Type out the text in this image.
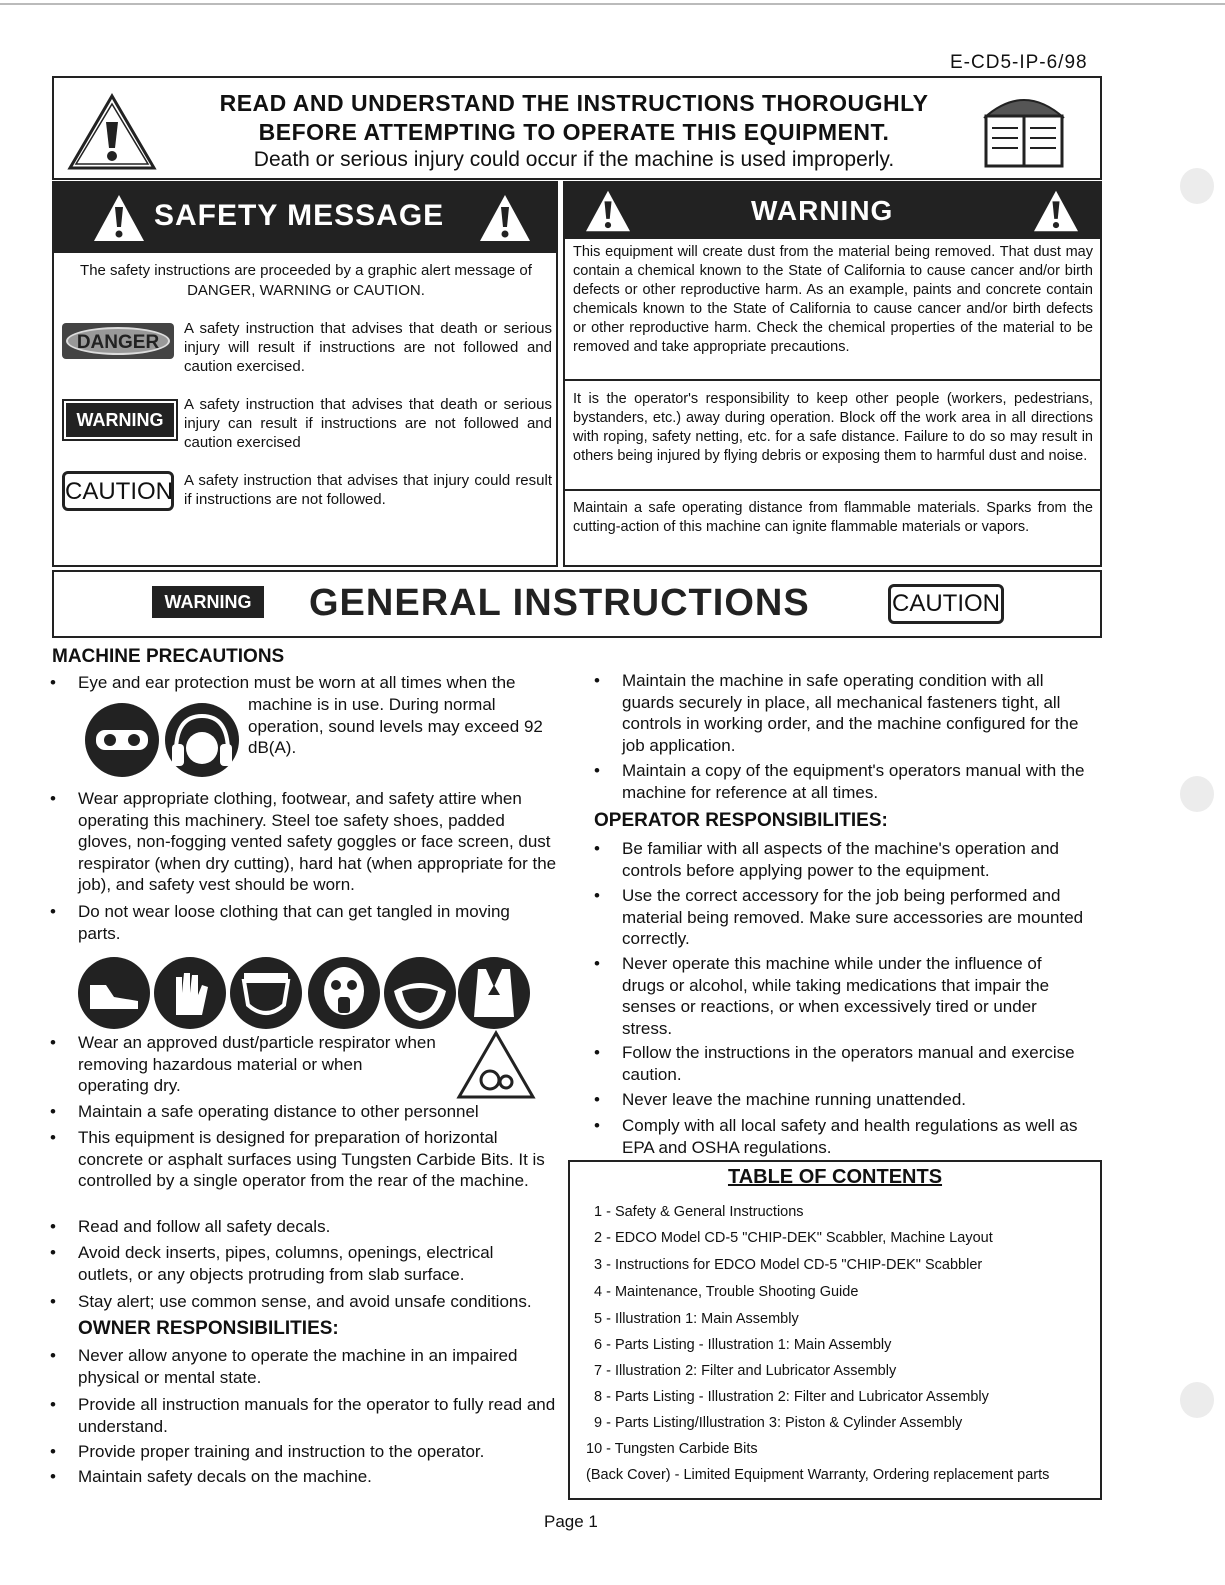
E-CD5-IP-6/98
READ AND UNDERSTAND THE INSTRUCTIONS THOROUGHLY
BEFORE ATTEMPTING TO OPERATE THIS EQUIPMENT.
Death or serious injury could occur if the machine is used improperly.
SAFETY MESSAGE
The safety instructions are proceeded by a graphic alert message of DANGER, WARNING or CAUTION.
DANGER
A safety instruction that advises that death or serious injury will result if instructions are not followed and caution exercised.
WARNING
A safety instruction that advises that death or serious injury can result if instructions are not followed and caution exercised
CAUTION A safety instruction that advises that injury could result if instructions are not followed.
WARNING
This equipment will create dust from the material being removed. That dust may contain a chemical known to the State of California to cause cancer and/or birth defects or other reproductive harm. As an example, paints and concrete contain chemicals known to the State of California to cause cancer and/or birth defects or other reproductive harm. Check the chemical properties of the material to be removed and take appropriate precautions.
It is the operator's responsibility to keep other people (workers, pedestrians, bystanders, etc.) away during operation. Block off the work area in all directions with roping, safety netting, etc. for a safe distance. Failure to do so may result in others being injured by flying debris or exposing them to harmful dust and noise.
Maintain a safe operating distance from flammable materials. Sparks from the cutting-action of this machine can ignite flammable materials or vapors.
WARNING	GENERAL INSTRUCTIONS	CAUTION
MACHINE PRECAUTIONS
• Eye and ear protection must be worn at all times when the
machine is in use. During normal
operation, sound levels may exceed 92
dB(A).
• Wear appropriate clothing, footwear, and safety attire when operating this machinery. Steel toe safety shoes, padded gloves, non-fogging vented safety goggles or face screen, dust respirator (when dry cutting), hard hat (when appropriate for the job), and safety vest should be worn.
• Do not wear loose clothing that can get tangled in moving parts.
• Wear an approved dust/particle respirator when removing hazardous material or when operating dry.
• Maintain a safe operating distance to other personnel
• This equipment is designed for preparation of horizontal concrete or asphalt surfaces using Tungsten Carbide Bits. It is controlled by a single operator from the rear of the machine.
• Read and follow all safety decals.
• Avoid deck inserts, pipes, columns, openings, electrical outlets, or any objects protruding from slab surface.
• Stay alert; use common sense, and avoid unsafe conditions.
OWNER RESPONSIBILITIES:
• Never allow anyone to operate the machine in an impaired physical or mental state.
• Provide all instruction manuals for the operator to fully read and understand.
• Provide proper training and instruction to the operator.
• Maintain safety decals on the machine.
• Maintain the machine in safe operating condition with all guards securely in place, all mechanical fasteners tight, all controls in working order, and the machine configured for the job application.
• Maintain a copy of the equipment's operators manual with the machine for reference at all times.
OPERATOR RESPONSIBILITIES:
• Be familiar with all aspects of the machine's operation and controls before applying power to the equipment.
• Use the correct accessory for the job being performed and material being removed. Make sure accessories are mounted correctly.
• Never operate this machine while under the influence of drugs or alcohol, while taking medications that impair the senses or reactions, or when excessively tired or under stress.
• Follow the instructions in the operators manual and exercise caution.
• Never leave the machine running unattended.
• Comply with all local safety and health regulations as well as EPA and OSHA regulations.
TABLE OF CONTENTS
1 - Safety & General Instructions
2 - EDCO Model CD-5 "CHIP-DEK" Scabbler, Machine Layout
3 - Instructions for EDCO Model CD-5 "CHIP-DEK" Scabbler
4 - Maintenance, Trouble Shooting Guide
5 - Illustration 1: Main Assembly
6 - Parts Listing - Illustration 1: Main Assembly
7 - Illustration 2: Filter and Lubricator Assembly
8 - Parts Listing - Illustration 2: Filter and Lubricator Assembly
9 - Parts Listing/Illustration 3: Piston & Cylinder Assembly
10 - Tungsten Carbide Bits
(Back Cover) - Limited Equipment Warranty, Ordering replacement parts
Page 1
